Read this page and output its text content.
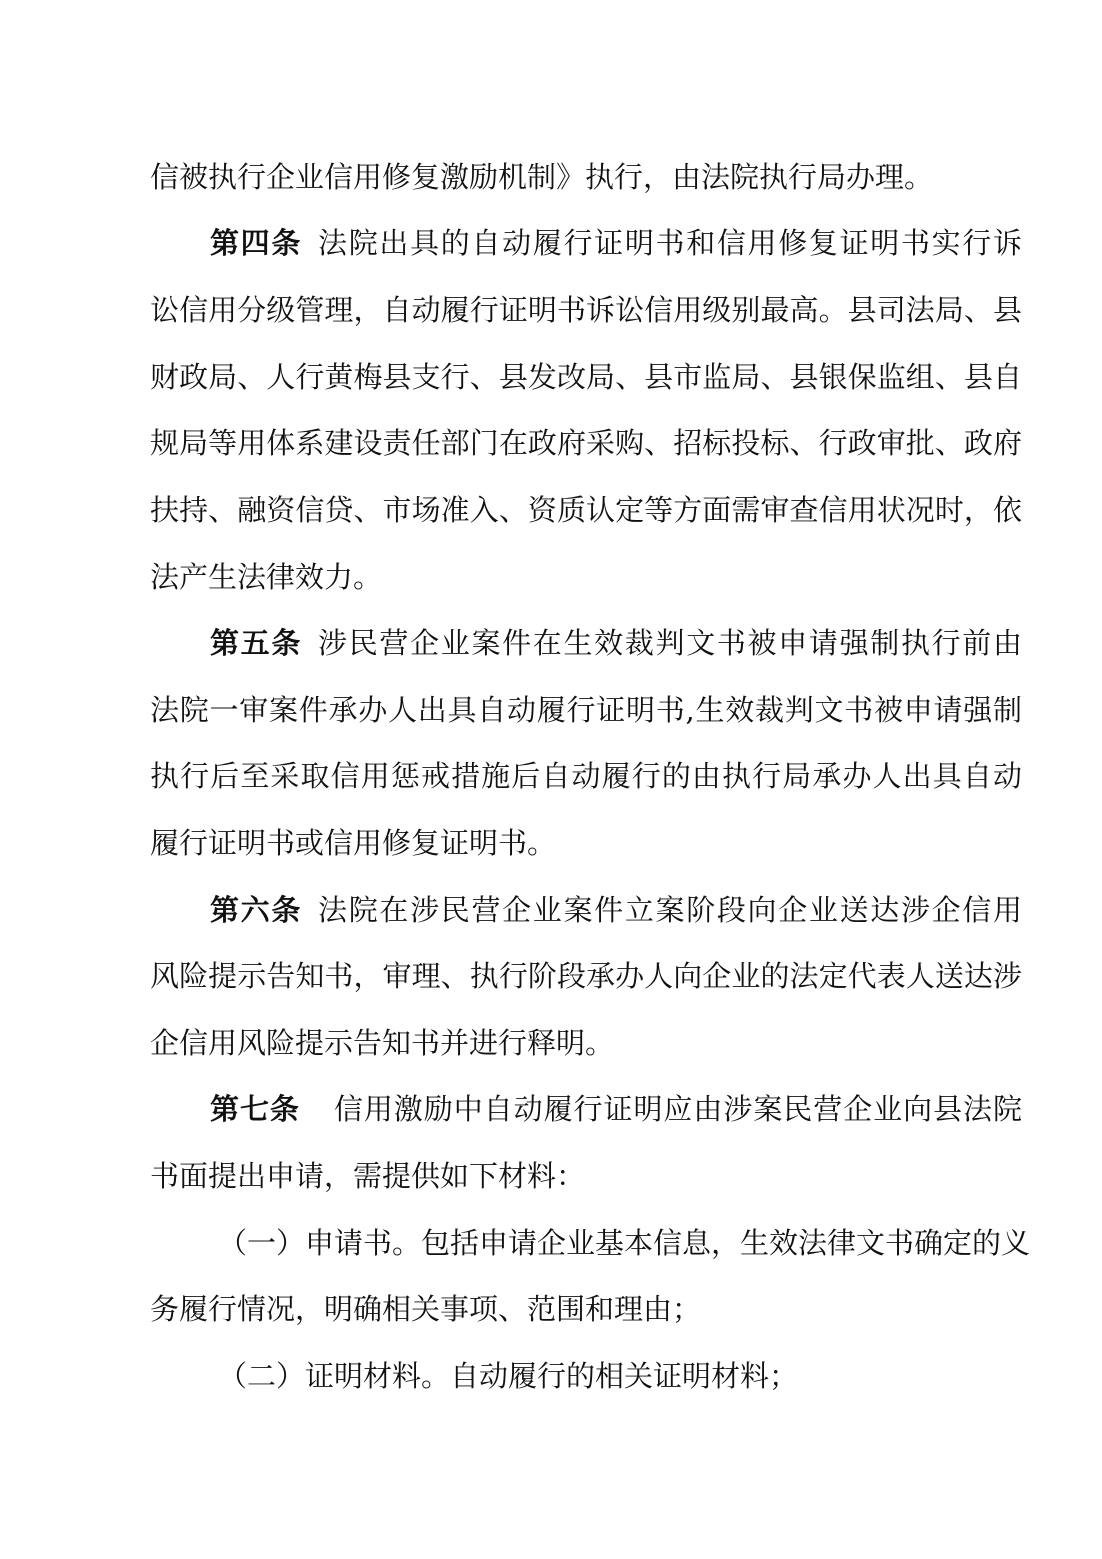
信被执行企业信用修复激励机制》执行，由法院执行局办理。
第四条 法院出具的自动履行证明书和信用修复证明书实行诉
讼信用分级管理，自动履行证明书诉讼信用级别最高。县司法局、县
财政局、人行黄梅县支行、县发改局、县市监局、县银保监组、县自
规局等用体系建设责任部门在政府采购、招标投标、行政审批、政府
扶持、融资信贷、市场准入、资质认定等方面需审查信用状况时，依
法产生法律效力。
第五条 涉民营企业案件在生效裁判文书被申请强制执行前由
法院一审案件承办人出具自动履行证明书,生效裁判文书被申请强制
执行后至采取信用惩戒措施后自动履行的由执行局承办人出具自动
履行证明书或信用修复证明书。
第六条 法院在涉民营企业案件立案阶段向企业送达涉企信用
风险提示告知书，审理、执行阶段承办人向企业的法定代表人送达涉
企信用风险提示告知书并进行释明。
第七条 信用激励中自动履行证明应由涉案民营企业向县法院
书面提出申请，需提供如下材料：
（一）申请书。包括申请企业基本信息，生效法律文书确定的义
务履行情况，明确相关事项、范围和理由；
（二）证明材料。自动履行的相关证明材料；
